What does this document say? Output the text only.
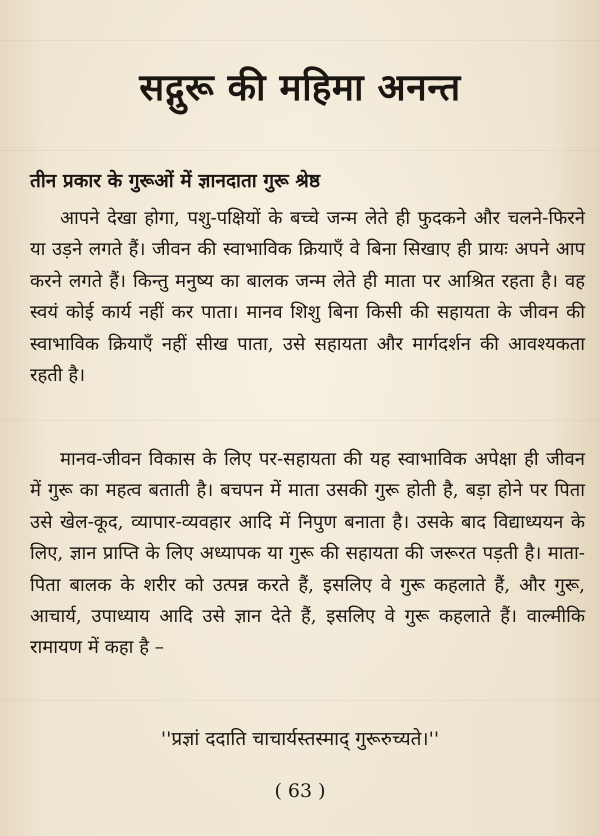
सद्गुरू की महिमा अनन्त
तीन प्रकार के गुरूओं में ज्ञानदाता गुरू श्रेष्ठ

आपने देखा होगा, पशु-पक्षियों के बच्चे जन्म लेते ही फुदकने और चलने-फिरने या उड़ने लगते हैं। जीवन की स्वाभाविक क्रियाएँ वे बिना सिखाए ही प्रायः अपने आप करने लगते हैं। किन्तु मनुष्य का बालक जन्म लेते ही माता पर आश्रित रहता है। वह स्वयं कोई कार्य नहीं कर पाता। मानव शिशु बिना किसी की सहायता के जीवन की स्वाभाविक क्रियाएँ नहीं सीख पाता, उसे सहायता और मार्गदर्शन की आवश्यकता रहती है।

मानव-जीवन विकास के लिए पर-सहायता की यह स्वाभाविक अपेक्षा ही जीवन में गुरू का महत्व बताती है। बचपन में माता उसकी गुरू होती है, बड़ा होने पर पिता उसे खेल-कूद, व्यापार-व्यवहार आदि में निपुण बनाता है। उसके बाद विद्याध्ययन के लिए, ज्ञान प्राप्ति के लिए अध्यापक या गुरू की सहायता की जरूरत पड़ती है। माता-पिता बालक के शरीर को उत्पन्न करते हैं, इसलिए वे गुरू कहलाते हैं, और गुरू, आचार्य, उपाध्याय आदि उसे ज्ञान देते हैं, इसलिए वे गुरू कहलाते हैं। वाल्मीकि रामायण में कहा है –

''प्रज्ञां ददाति चाचार्यस्तस्माद् गुरूरुच्यते।''

( 63 )
